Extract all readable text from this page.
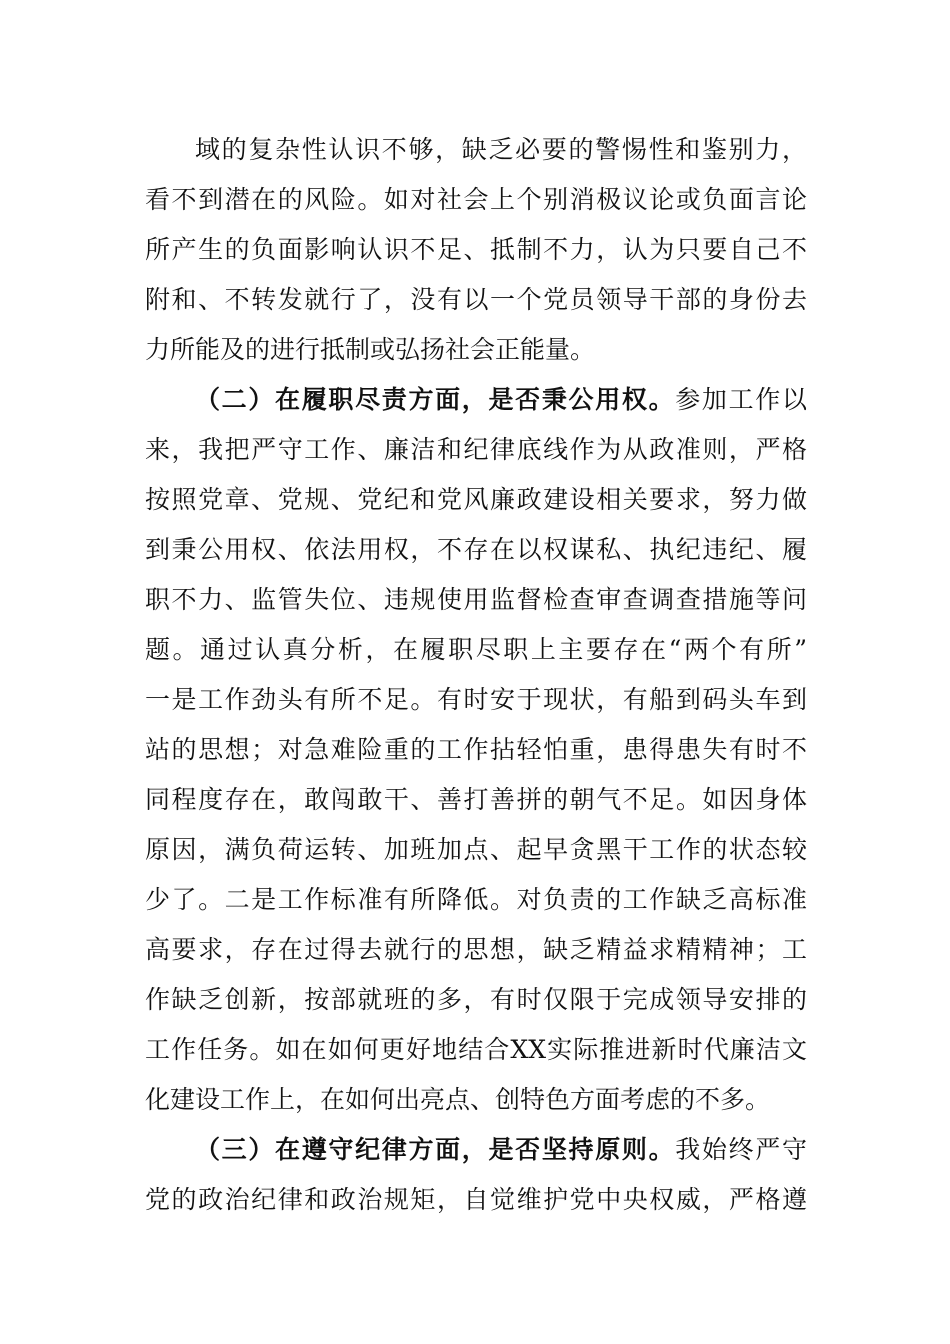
域的复杂性认识不够，缺乏必要的警惕性和鉴别力，
看不到潜在的风险。如对社会上个别消极议论或负面言论
所产生的负面影响认识不足、抵制不力，认为只要自己不
附和、不转发就行了，没有以一个党员领导干部的身份去
力所能及的进行抵制或弘扬社会正能量。
（二）在履职尽责方面，是否秉公用权。参加工作以
来，我把严守工作、廉洁和纪律底线作为从政准则，严格
按照党章、党规、党纪和党风廉政建设相关要求，努力做
到秉公用权、依法用权，不存在以权谋私、执纪违纪、履
职不力、监管失位、违规使用监督检查审查调查措施等问
题。通过认真分析，在履职尽职上主要存在“两个有所”
一是工作劲头有所不足。有时安于现状，有船到码头车到
站的思想；对急难险重的工作拈轻怕重，患得患失有时不
同程度存在，敢闯敢干、善打善拼的朝气不足。如因身体
原因，满负荷运转、加班加点、起早贪黑干工作的状态较
少了。二是工作标准有所降低。对负责的工作缺乏高标准
高要求，存在过得去就行的思想，缺乏精益求精精神；工
作缺乏创新，按部就班的多，有时仅限于完成领导安排的
工作任务。如在如何更好地结合XX实际推进新时代廉洁文
化建设工作上，在如何出亮点、创特色方面考虑的不多。
（三）在遵守纪律方面，是否坚持原则。我始终严守
党的政治纪律和政治规矩，自觉维护党中央权威，严格遵
